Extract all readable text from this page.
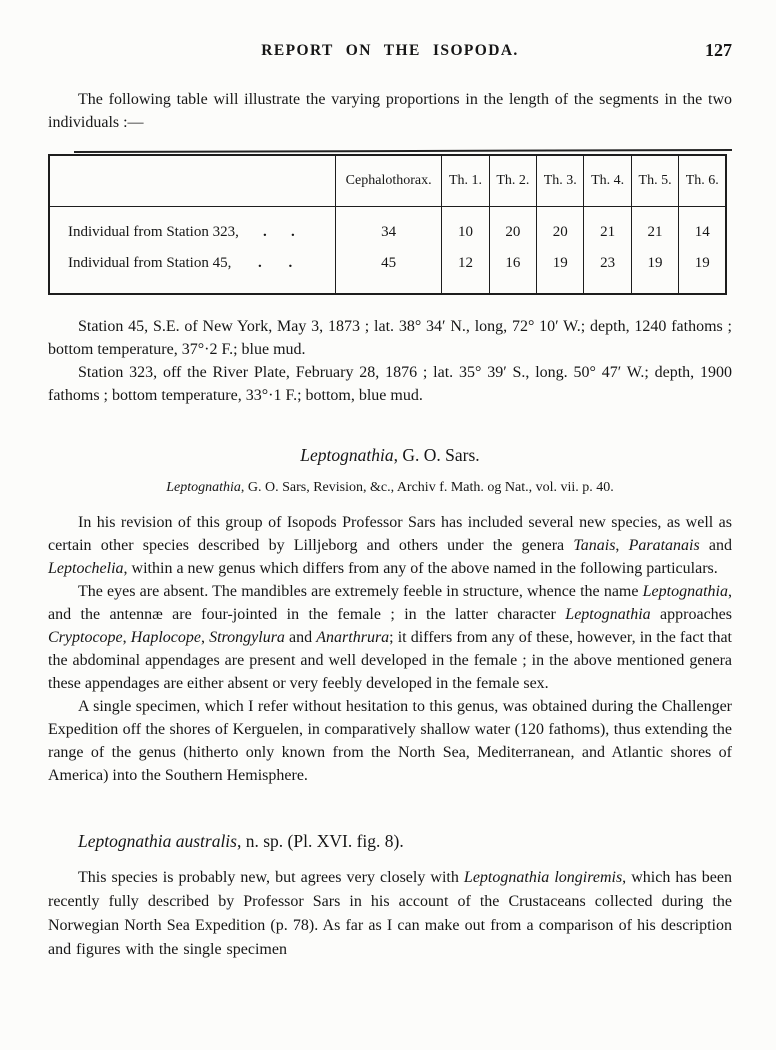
REPORT ON THE ISOPODA.	127

The following table will illustrate the varying proportions in the length of the segments in the two individuals :—

	Cephalothorax.	Th. 1.	Th. 2.	Th. 3.	Th. 4.	Th. 5.	Th. 6.

Individual from Station 323, . .	34	10	20	20	21	21	14

Individual from Station 45, . .	45	12	16	19	23	19	19

Station 45, S.E. of New York, May 3, 1873 ; lat. 38° 34′ N., long, 72° 10′ W.; depth, 1240 fathoms ; bottom temperature, 37°·2 F.; blue mud.

Station 323, off the River Plate, February 28, 1876 ; lat. 35° 39′ S., long. 50° 47′ W.; depth, 1900 fathoms ; bottom temperature, 33°·1 F.; bottom, blue mud.

Leptognathia, G. O. Sars.

Leptognathia, G. O. Sars, Revision, &c., Archiv f. Math. og Nat., vol. vii. p. 40.

In his revision of this group of Isopods Professor Sars has included several new species, as well as certain other species described by Lilljeborg and others under the genera Tanais, Paratanais and Leptochelia, within a new genus which differs from any of the above named in the following particulars.

The eyes are absent. The mandibles are extremely feeble in structure, whence the name Leptognathia, and the antennæ are four-jointed in the female ; in the latter character Leptognathia approaches Cryptocope, Haplocope, Strongylura and Anarthrura; it differs from any of these, however, in the fact that the abdominal appendages are present and well developed in the female ; in the above mentioned genera these appendages are either absent or very feebly developed in the female sex.

A single specimen, which I refer without hesitation to this genus, was obtained during the Challenger Expedition off the shores of Kerguelen, in comparatively shallow water (120 fathoms), thus extending the range of the genus (hitherto only known from the North Sea, Mediterranean, and Atlantic shores of America) into the Southern Hemisphere.

Leptognathia australis, n. sp. (Pl. XVI. fig. 8).

This species is probably new, but agrees very closely with Leptognathia longiremis, which has been recently fully described by Professor Sars in his account of the Crustaceans collected during the Norwegian North Sea Expedition (p. 78). As far as I can make out from a comparison of his description and figures with the single specimen
